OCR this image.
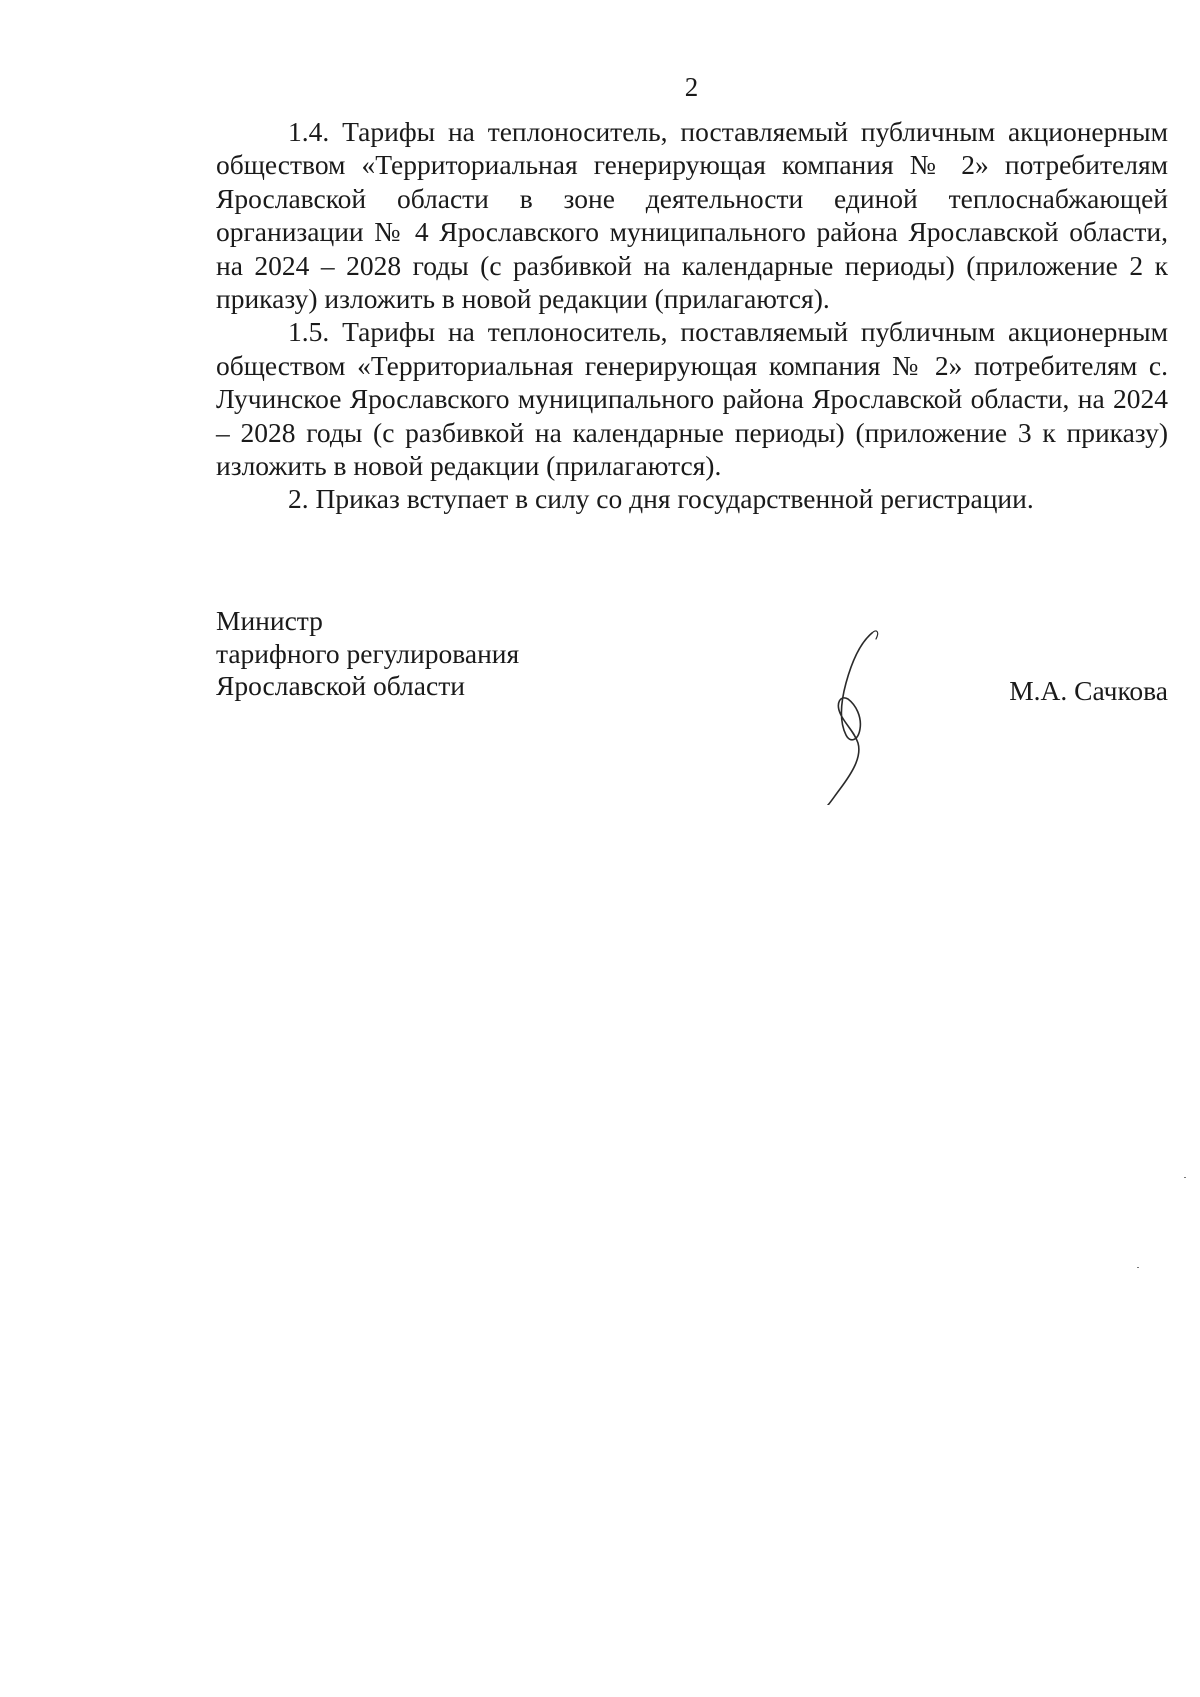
2

1.4. Тарифы на теплоноситель, поставляемый публичным акционерным обществом «Территориальная генерирующая компания № 2» потребителям Ярославской области в зоне деятельности единой теплоснабжающей организации № 4 Ярославского муниципального района Ярославской области, на 2024 – 2028 годы (с разбивкой на календарные периоды) (приложение 2 к приказу) изложить в новой редакции (прилагаются).

1.5. Тарифы на теплоноситель, поставляемый публичным акционерным обществом «Территориальная генерирующая компания № 2» потребителям с. Лучинское Ярославского муниципального района Ярославской области, на 2024 – 2028 годы (с разбивкой на календарные периоды) (приложение 3 к приказу) изложить в новой редакции (прилагаются).

2. Приказ вступает в силу со дня государственной регистрации.

Министр
тарифного регулирования
Ярославской области	М.А. Сачкова
